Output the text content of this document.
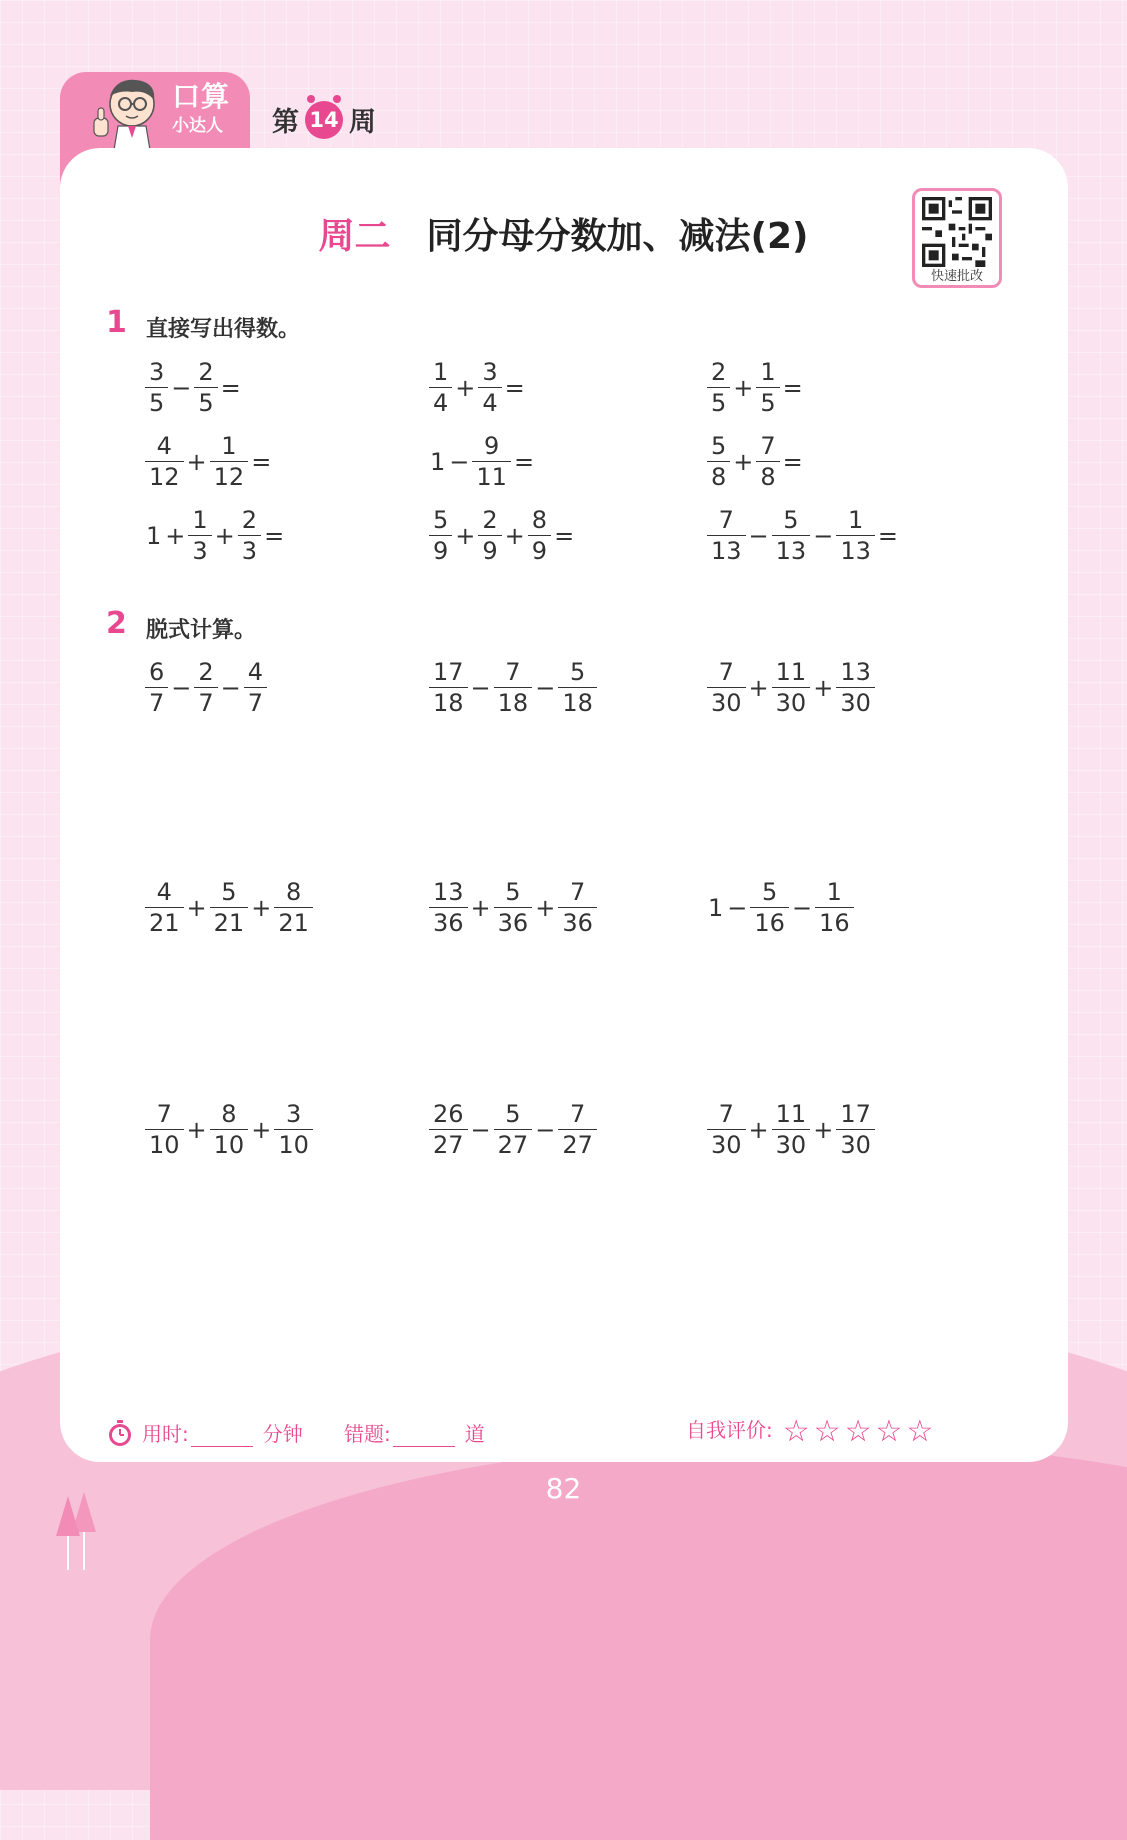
口算
小达人 第 14 周
周二 同分母分数加、减法(2)
快速批改
1 直接写出得数。
$\frac{3}{5} - \frac{2}{5}$ =	$\frac{1}{4} + \frac{3}{4}$ =	$\frac{2}{5} + \frac{1}{5}$ =
$\frac{4}{12} + \frac{1}{12}$ =	$1 - \frac{9}{11}$ =	$\frac{5}{8} + \frac{7}{8}$ =
$1 + \frac{1}{3} + \frac{2}{3}$ =	$\frac{5}{9} + \frac{2}{9} + \frac{8}{9}$ =	$\frac{7}{13} - \frac{5}{13} - \frac{1}{13}$ =
2 脱式计算。
$\frac{6}{7} - \frac{2}{7} - \frac{4}{7}$	$\frac{17}{18} - \frac{7}{18} - \frac{5}{18}$	$\frac{7}{30} + \frac{11}{30} + \frac{13}{30}$
$\frac{4}{21} + \frac{5}{21} + \frac{8}{21}$	$\frac{13}{36} + \frac{5}{36} + \frac{7}{36}$	$1 - \frac{5}{16} - \frac{1}{16}$
$\frac{7}{10} + \frac{8}{10} + \frac{3}{10}$	$\frac{26}{27} - \frac{5}{27} - \frac{7}{27}$	$\frac{7}{30} + \frac{11}{30} + \frac{17}{30}$
用时:	分钟 错题:	道	自我评价: ☆ ☆ ☆ ☆ ☆
82
